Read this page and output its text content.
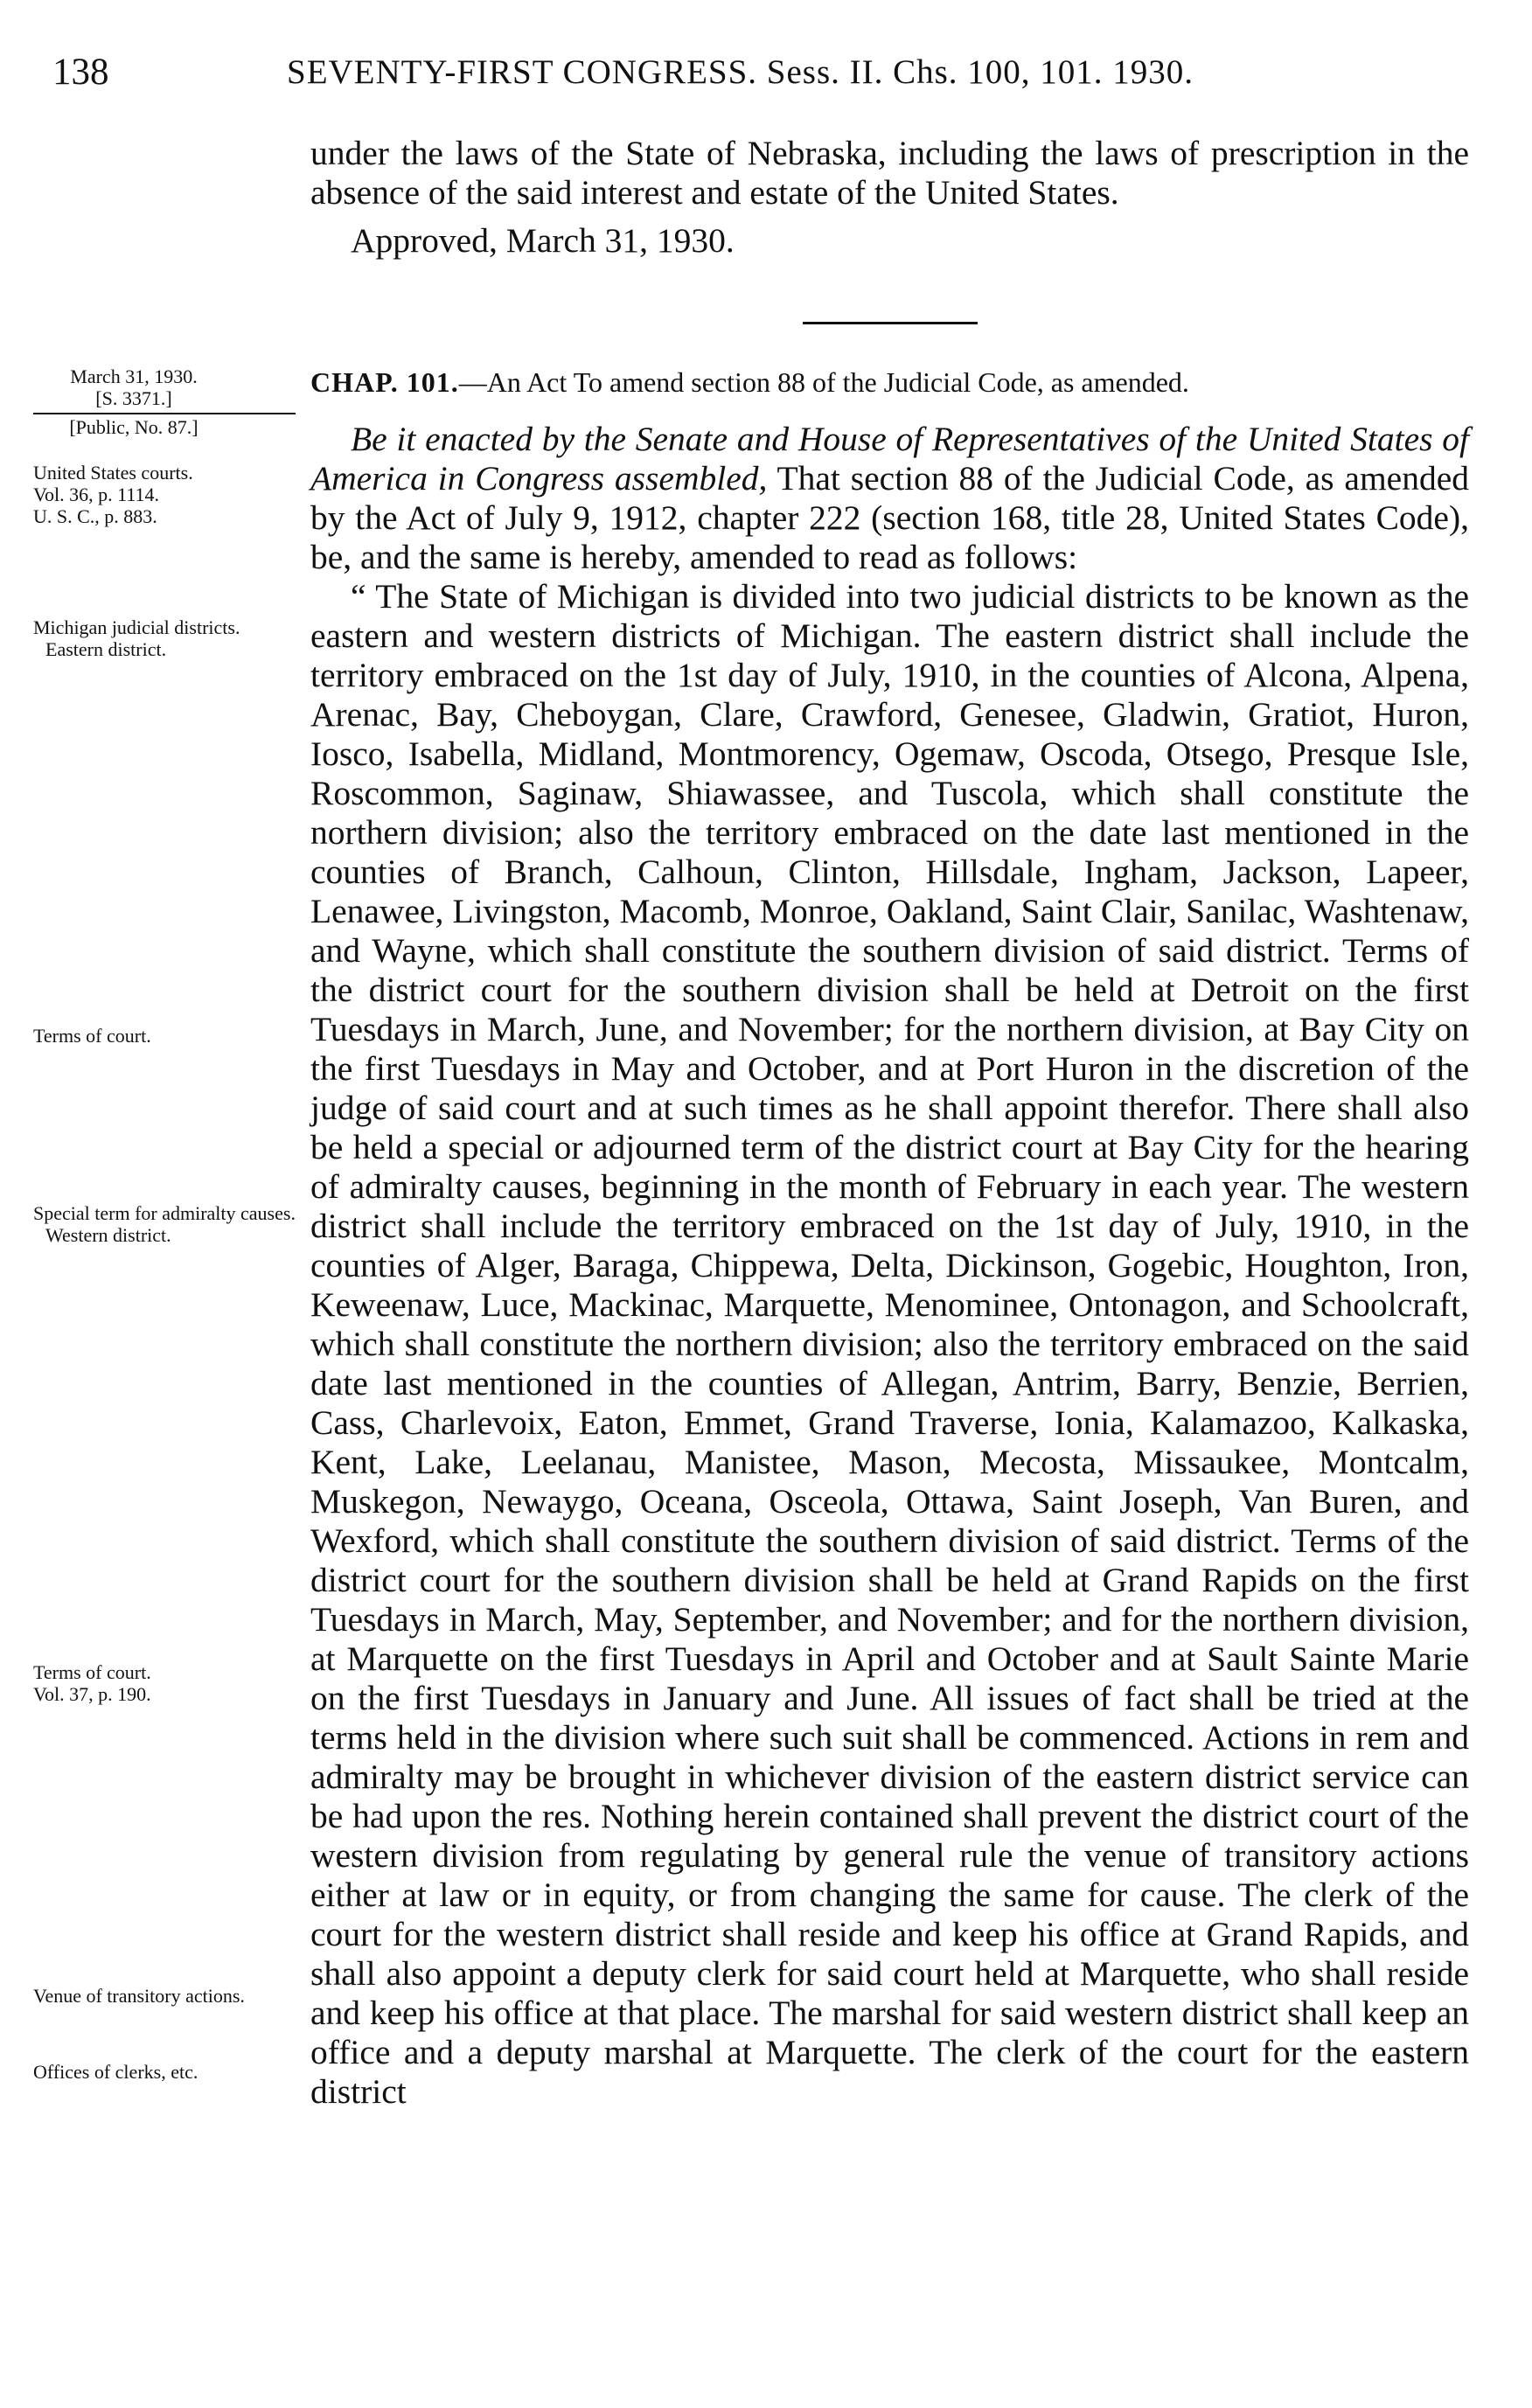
138	SEVENTY-FIRST CONGRESS. Sess. II. Chs. 100, 101. 1930.
March 31, 1930.
[S. 3371.]
[Public, No. 87.]
United States courts.
Vol. 36, p. 1114.
U. S. C., p. 883.
Michigan judicial districts.
Eastern district.
Terms of court.
Special term for admiralty causes.
Western district.
Terms of court.
Vol. 37, p. 190.
Venue of transitory actions.
Offices of clerks, etc.

under the laws of the State of Nebraska, including the laws of prescription in the absence of the said interest and estate of the United States.

Approved, March 31, 1930.

CHAP. 101.—An Act To amend section 88 of the Judicial Code, as amended.

Be it enacted by the Senate and House of Representatives of the United States of America in Congress assembled, That section 88 of the Judicial Code, as amended by the Act of July 9, 1912, chapter 222 (section 168, title 28, United States Code), be, and the same is hereby, amended to read as follows:

“ The State of Michigan is divided into two judicial districts to be known as the eastern and western districts of Michigan. The eastern district shall include the territory embraced on the 1st day of July, 1910, in the counties of Alcona, Alpena, Arenac, Bay, Cheboygan, Clare, Crawford, Genesee, Gladwin, Gratiot, Huron, Iosco, Isabella, Midland, Montmorency, Ogemaw, Oscoda, Otsego, Presque Isle, Roscommon, Saginaw, Shiawassee, and Tuscola, which shall constitute the northern division; also the territory embraced on the date last mentioned in the counties of Branch, Calhoun, Clinton, Hillsdale, Ingham, Jackson, Lapeer, Lenawee, Livingston, Macomb, Monroe, Oakland, Saint Clair, Sanilac, Washtenaw, and Wayne, which shall constitute the southern division of said district. Terms of the district court for the southern division shall be held at Detroit on the first Tuesdays in March, June, and November; for the northern division, at Bay City on the first Tuesdays in May and October, and at Port Huron in the discretion of the judge of said court and at such times as he shall appoint therefor. There shall also be held a special or adjourned term of the district court at Bay City for the hearing of admiralty causes, beginning in the month of February in each year. The western district shall include the territory embraced on the 1st day of July, 1910, in the counties of Alger, Baraga, Chippewa, Delta, Dickinson, Gogebic, Houghton, Iron, Keweenaw, Luce, Mackinac, Marquette, Menominee, Ontonagon, and Schoolcraft, which shall constitute the northern division; also the territory embraced on the said date last mentioned in the counties of Allegan, Antrim, Barry, Benzie, Berrien, Cass, Charlevoix, Eaton, Emmet, Grand Traverse, Ionia, Kalamazoo, Kalkaska, Kent, Lake, Leelanau, Manistee, Mason, Mecosta, Missaukee, Montcalm, Muskegon, Newaygo, Oceana, Osceola, Ottawa, Saint Joseph, Van Buren, and Wexford, which shall constitute the southern division of said district. Terms of the district court for the southern division shall be held at Grand Rapids on the first Tuesdays in March, May, September, and November; and for the northern division, at Marquette on the first Tuesdays in April and October and at Sault Sainte Marie on the first Tuesdays in January and June. All issues of fact shall be tried at the terms held in the division where such suit shall be commenced. Actions in rem and admiralty may be brought in whichever division of the eastern district service can be had upon the res. Nothing herein contained shall prevent the district court of the western division from regulating by general rule the venue of transitory actions either at law or in equity, or from changing the same for cause. The clerk of the court for the western district shall reside and keep his office at Grand Rapids, and shall also appoint a deputy clerk for said court held at Marquette, who shall reside and keep his office at that place. The marshal for said western district shall keep an office and a deputy marshal at Marquette. The clerk of the court for the eastern district
